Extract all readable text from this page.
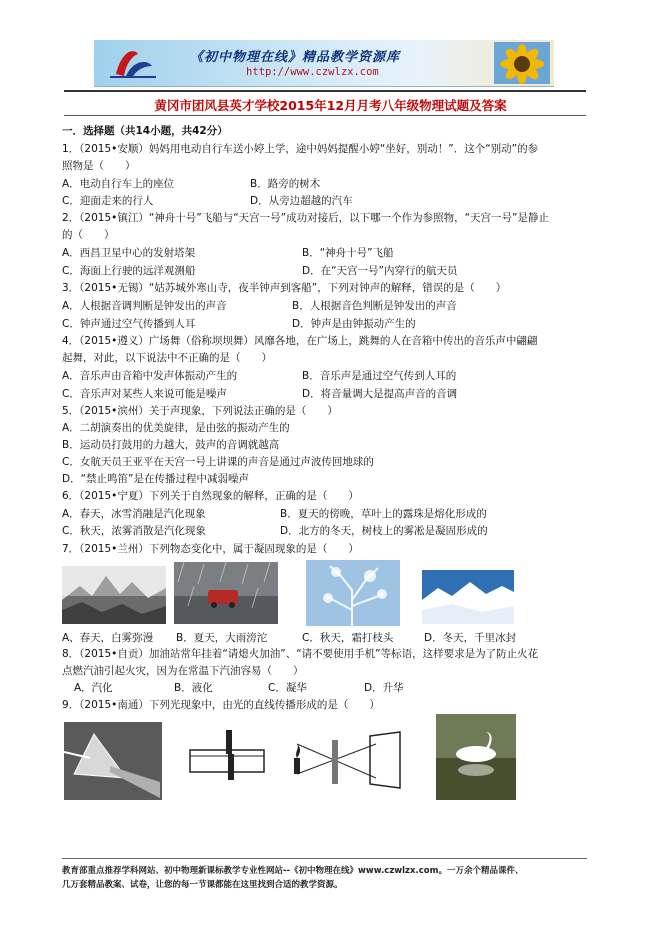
《初中物理在线》精品教学资源库
http://www.czwlzx.com
黄冈市团风县英才学校2015年12月月考八年级物理试题及答案
一．选择题（共14小题，共42分）
1．（2015•安顺）妈妈用电动自行车送小婷上学，途中妈妈提醒小婷“坐好，别动！”．这个“别动”的参
照物是（　　）
A．电动自行车上的座位	B．路旁的树木
C．迎面走来的行人	D．从旁边超越的汽车
2．（2015•镇江）“神舟十号”飞船与“天宫一号”成功对接后，以下哪一个作为参照物，“天宫一号”是静止
的（　　）
A．西昌卫星中心的发射塔架	B．“神舟十号”飞船
C．海面上行驶的远洋观测船	D．在“天宫一号”内穿行的航天员
3．（2015•无锡）“姑苏城外寒山寺，夜半钟声到客船”，下列对钟声的解释，错误的是（　　）
A．人根据音调判断是钟发出的声音	B．人根据音色判断是钟发出的声音
C．钟声通过空气传播到人耳	D．钟声是由钟振动产生的
4．（2015•遵义）广场舞（俗称坝坝舞）风靡各地，在广场上，跳舞的人在音箱中传出的音乐声中翩翩
起舞，对此，以下说法中不正确的是（　　）
A．音乐声由音箱中发声体振动产生的	B．音乐声是通过空气传到人耳的
C．音乐声对某些人来说可能是噪声	D．将音量调大是提高声音的音调
5．（2015•滨州）关于声现象，下列说法正确的是（　　）
A．二胡演奏出的优美旋律，是由弦的振动产生的
B．运动员打鼓用的力越大，鼓声的音调就越高
C．女航天员王亚平在天宫一号上讲课的声音是通过声波传回地球的
D．“禁止鸣笛”是在传播过程中减弱噪声
6．（2015•宁夏）下列关于自然现象的解释，正确的是（　　）
A．春天，冰雪消融是汽化现象	B．夏天的傍晚，草叶上的露珠是熔化形成的
C．秋天，浓雾消散是汽化现象	D．北方的冬天，树枝上的雾凇是凝固形成的
7．（2015•兰州）下列物态变化中，属于凝固现象的是（　　）
A、春天，白雾弥漫 B．夏天，大雨滂沱	C．秋天，霜打枝头	D．冬天，千里冰封
8．（2015•自贡）加油站常年挂着“请熄火加油”、“请不要使用手机”等标语，这样要求是为了防止火花
点燃汽油引起火灾，因为在常温下汽油容易（　　）
A．汽化	B．液化	C．凝华	D．升华
9．（2015•南通）下列光现象中，由光的直线传播形成的是（　　）
教育部重点推荐学科网站、初中物理新课标教学专业性网站--《初中物理在线》www.czwlzx.com。一万余个精品课件、
几万套精品教案、试卷，让您的每一节课都能在这里找到合适的教学资源。
